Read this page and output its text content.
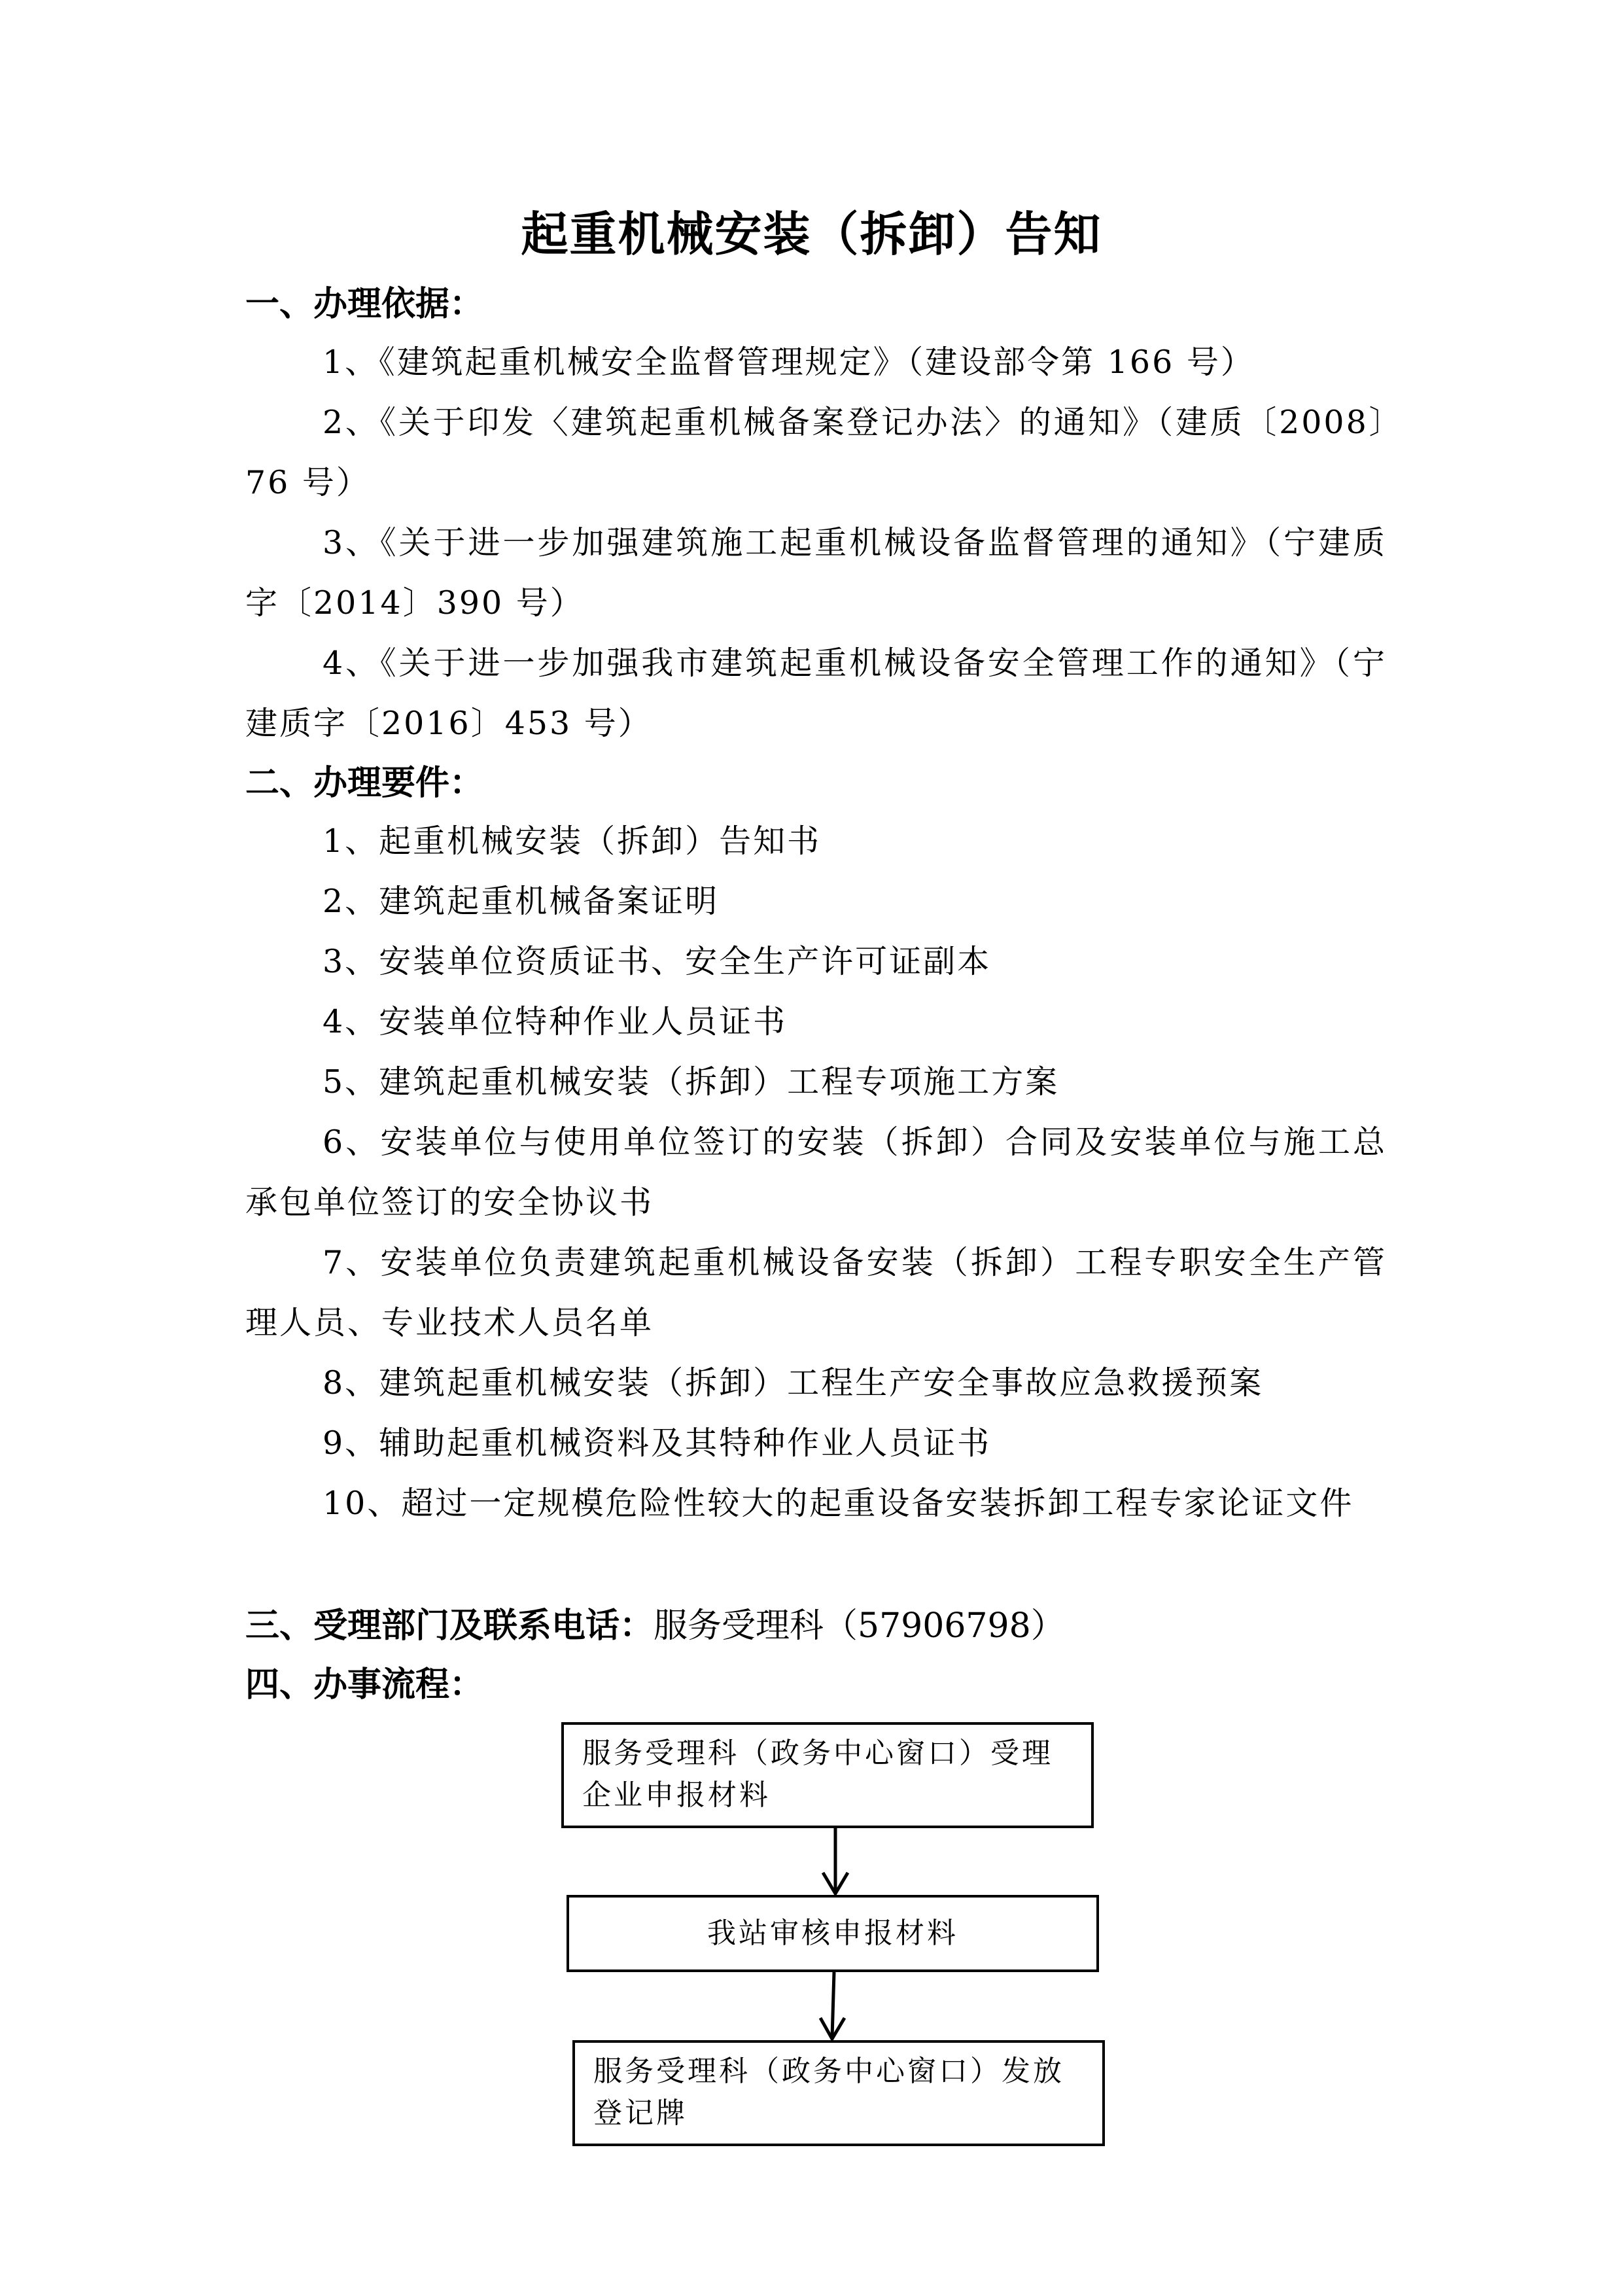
起重机械安装（拆卸）告知
一、办理依据：
1、《建筑起重机械安全监督管理规定》（建设部令第 166 号）
2、《关于印发〈建筑起重机械备案登记办法〉的通知》（建质〔2008〕76 号）
3、《关于进一步加强建筑施工起重机械设备监督管理的通知》（宁建质字〔2014〕390 号）
4、《关于进一步加强我市建筑起重机械设备安全管理工作的通知》（宁建质字〔2016〕453 号）
二、办理要件：
1、起重机械安装（拆卸）告知书
2、建筑起重机械备案证明
3、安装单位资质证书、安全生产许可证副本
4、安装单位特种作业人员证书
5、建筑起重机械安装（拆卸）工程专项施工方案
6、安装单位与使用单位签订的安装（拆卸）合同及安装单位与施工总承包单位签订的安全协议书
7、安装单位负责建筑起重机械设备安装（拆卸）工程专职安全生产管理人员、专业技术人员名单
8、建筑起重机械安装（拆卸）工程生产安全事故应急救援预案
9、辅助起重机械资料及其特种作业人员证书
10、超过一定规模危险性较大的起重设备安装拆卸工程专家论证文件
三、受理部门及联系电话：服务受理科（57906798）
四、办事流程：
服务受理科（政务中心窗口）受理
企业申报材料
我站审核申报材料
服务受理科（政务中心窗口）发放
登记牌
